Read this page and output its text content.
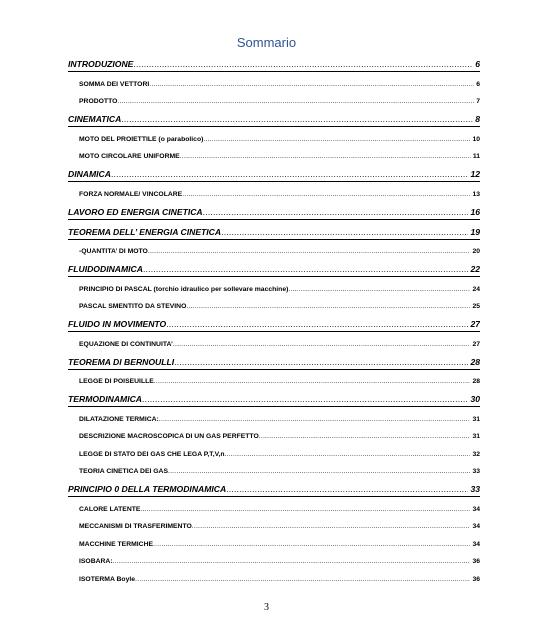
Sommario
INTRODUZIONE .....	6
SOMMA DEI VETTORI .....	6
PRODOTTO .....	7
CINEMATICA .....	8
MOTO DEL PROIETTILE (o parabolico) .....	10
MOTO CIRCOLARE UNIFORME .....	11
DINAMICA .....	12
FORZA NORMALE/ VINCOLARE .....	13
LAVORO ED ENERGIA CINETICA .....	16
TEOREMA DELL’ ENERGIA CINETICA .....	19
-QUANTITA’ DI MOTO .....	20
FLUIDODINAMICA .....	22
PRINCIPIO DI PASCAL (torchio idraulico per sollevare macchine) .....	24
PASCAL SMENTITO DA STEVINO .....	25
FLUIDO IN MOVIMENTO .....	27
EQUAZIONE DI CONTINUITA’ .....	27
TEOREMA DI BERNOULLI .....	28
LEGGE DI POISEUILLE .....	28
TERMODINAMICA .....	30
DILATAZIONE TERMICA: .....	31
DESCRIZIONE MACROSCOPICA DI UN GAS PERFETTO .....	31
LEGGE DI STATO DEI GAS CHE LEGA P,T,V,n .....	32
TEORIA CINETICA DEI GAS .....	33
PRINCIPIO 0 DELLA TERMODINAMICA .....	33
CALORE LATENTE .....	34
MECCANISMI DI TRASFERIMENTO .....	34
MACCHINE TERMICHE .....	34
ISOBARA: .....	36
ISOTERMA Boyle .....	36
3
